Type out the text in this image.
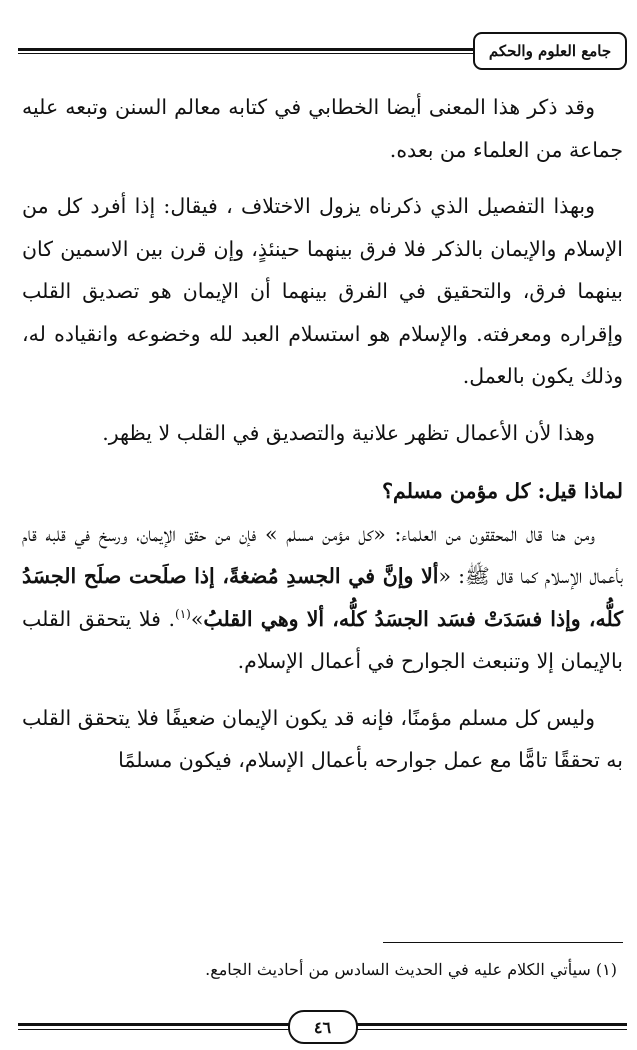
جامع العلوم والحكم

وقد ذكر هذا المعنى أيضا الخطابي في كتابه معالم السنن وتبعه عليه جماعة من العلماء من بعده.

وبهذا التفصيل الذي ذكرناه يزول الاختلاف ، فيقال: إذا أفرد كل من الإسلام والإيمان بالذكر فلا فرق بينهما حينئذٍ، وإن قرن بين الاسمين كان بينهما فرق، والتحقيق في الفرق بينهما أن الإيمان هو تصديق القلب وإقراره ومعرفته. والإسلام هو استسلام العبد لله وخضوعه وانقياده له، وذلك يكون بالعمل.

وهذا لأن الأعمال تظهر علانية والتصديق في القلب لا يظهر.

لماذا قيل: كل مؤمن مسلم؟

ومن هنا قال المحققون من العلماء: «كل مؤمن مسلم » فإن من حقق الإيمان، ورسخ في قلبه قام بأعمال الإسلام كما قال ﷺ: «ألا وإنَّ في الجسدِ مُضغةً، إذا صلَحت صلَح الجسَدُ كلُّه، وإذا فسَدَتْ فسَد الجسَدُ كلُّه، ألا وهي القلبُ»$^{(١)}$. فلا يتحقق القلب بالإيمان إلا وتنبعث الجوارح في أعمال الإسلام.

وليس كل مسلم مؤمنًا، فإنه قد يكون الإيمان ضعيفًا فلا يتحقق القلب به تحققًا تامًّا مع عمل جوارحه بأعمال الإسلام، فيكون مسلمًا

(١) سيأتي الكلام عليه في الحديث السادس من أحاديث الجامع.
٤٦
